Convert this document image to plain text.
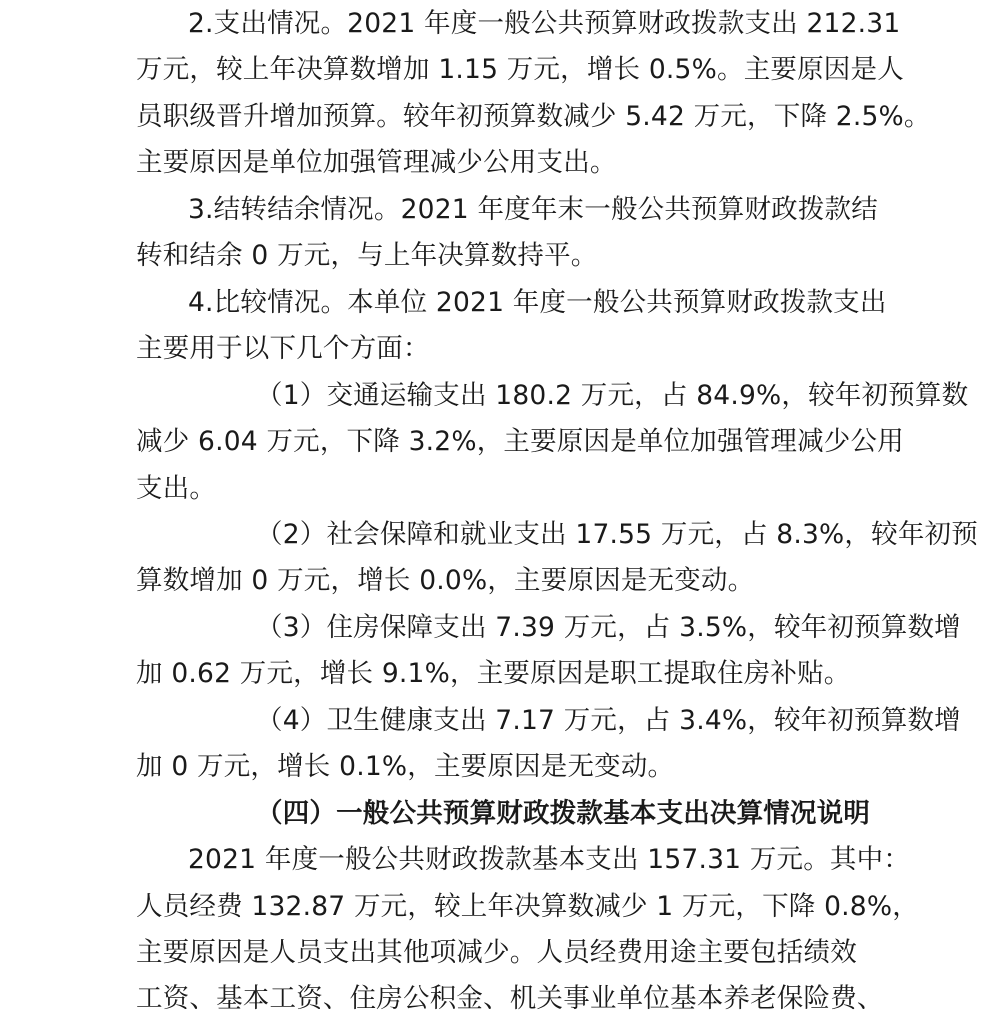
2.支出情况。2021 年度一般公共预算财政拨款支出 212.31
万元，较上年决算数增加 1.15 万元，增长 0.5%。主要原因是人
员职级晋升增加预算。较年初预算数减少 5.42 万元，下降 2.5%。
主要原因是单位加强管理减少公用支出。
3.结转结余情况。2021 年度年末一般公共预算财政拨款结
转和结余 0 万元，与上年决算数持平。
4.比较情况。本单位 2021 年度一般公共预算财政拨款支出
主要用于以下几个方面：
（1）交通运输支出 180.2 万元，占 84.9%，较年初预算数
减少 6.04 万元，下降 3.2%，主要原因是单位加强管理减少公用
支出。
（2）社会保障和就业支出 17.55 万元，占 8.3%，较年初预
算数增加 0 万元，增长 0.0%，主要原因是无变动。
（3）住房保障支出 7.39 万元，占 3.5%，较年初预算数增
加 0.62 万元，增长 9.1%，主要原因是职工提取住房补贴。
（4）卫生健康支出 7.17 万元，占 3.4%，较年初预算数增
加 0 万元，增长 0.1%，主要原因是无变动。
（四）一般公共预算财政拨款基本支出决算情况说明
2021 年度一般公共财政拨款基本支出 157.31 万元。其中：
人员经费 132.87 万元，较上年决算数减少 1 万元，下降 0.8%，
主要原因是人员支出其他项减少。人员经费用途主要包括绩效
工资、基本工资、住房公积金、机关事业单位基本养老保险费、
